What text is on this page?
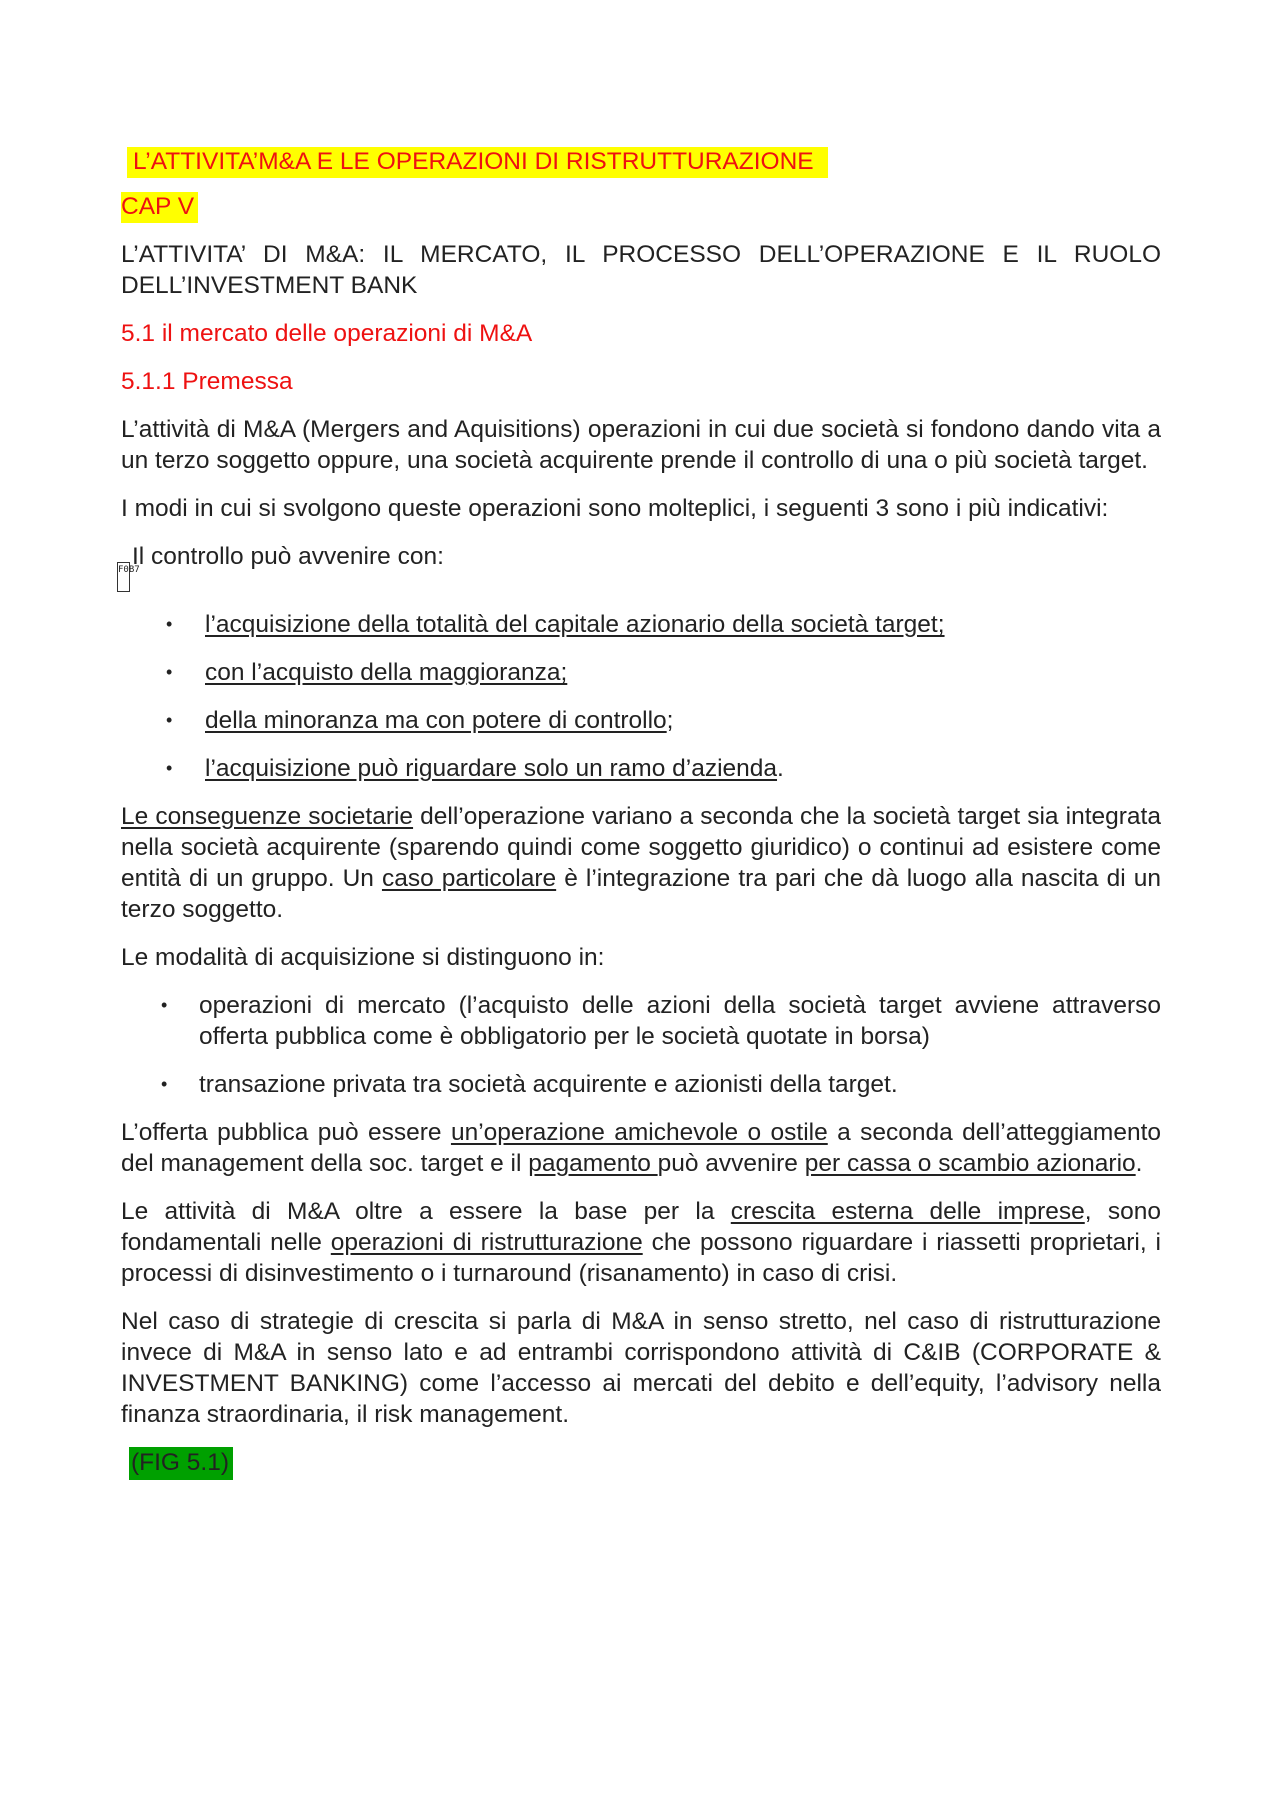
L’ATTIVITA’M&A E LE OPERAZIONI DI RISTRUTTURAZIONE

CAP V

L’ATTIVITA’ DI M&A: IL MERCATO, IL PROCESSO DELL’OPERAZIONE E IL RUOLO DELL’INVESTMENT BANK

5.1 il mercato delle operazioni di M&A

5.1.1 Premessa

L’attività di M&A (Mergers and Aquisitions) operazioni in cui due società si fondono dando vita a un terzo soggetto oppure, una società acquirente prende il controllo di una o più società target.

I modi in cui si svolgono queste operazioni sono molteplici, i seguenti 3 sono i più indicativi:

F0B7Il controllo può avvenire con:

• l’acquisizione della totalità del capitale azionario della società target;
• con l’acquisto della maggioranza;
• della minoranza ma con potere di controllo;
• l’acquisizione può riguardare solo un ramo d’azienda.

Le conseguenze societarie dell’operazione variano a seconda che la società target sia integrata nella società acquirente (sparendo quindi come soggetto giuridico) o continui ad esistere come entità di un gruppo. Un caso particolare è l’integrazione tra pari che dà luogo alla nascita di un terzo soggetto.

Le modalità di acquisizione si distinguono in:

• operazioni di mercato (l’acquisto delle azioni della società target avviene attraverso offerta pubblica come è obbligatorio per le società quotate in borsa)
• transazione privata tra società acquirente e azionisti della target.

L’offerta pubblica può essere un’operazione amichevole o ostile a seconda dell’atteggiamento del management della soc. target e il pagamento può avvenire per cassa o scambio azionario.

Le attività di M&A oltre a essere la base per la crescita esterna delle imprese, sono fondamentali nelle operazioni di ristrutturazione che possono riguardare i riassetti proprietari, i processi di disinvestimento o i turnaround (risanamento) in caso di crisi.

Nel caso di strategie di crescita si parla di M&A in senso stretto, nel caso di ristrutturazione invece di M&A in senso lato e ad entrambi corrispondono attività di C&IB (CORPORATE & INVESTMENT BANKING) come l’accesso ai mercati del debito e dell’equity, l’advisory nella finanza straordinaria, il risk management.

(FIG 5.1)
